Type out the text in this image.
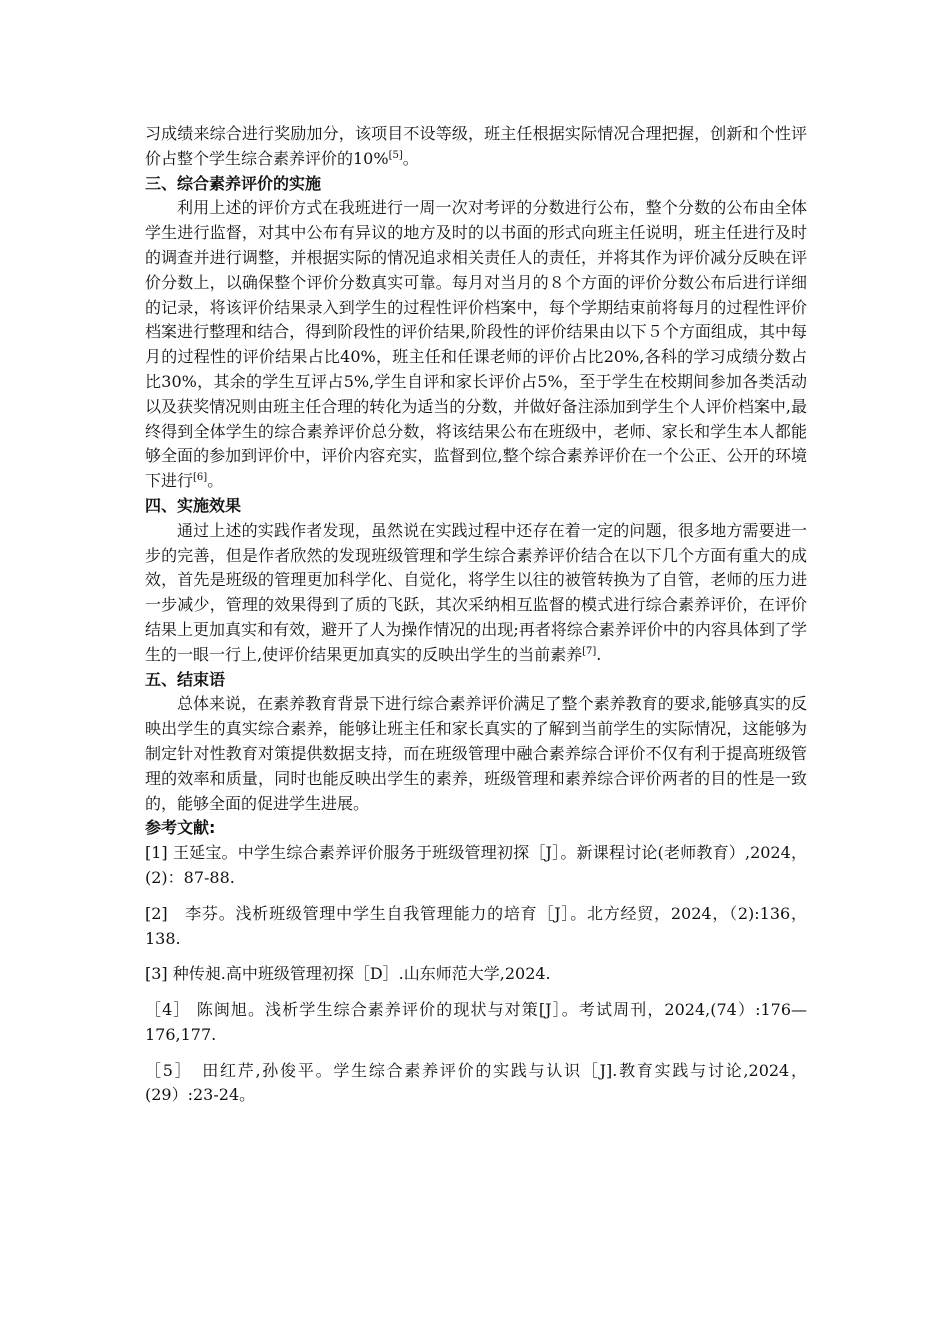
习成绩来综合进行奖励加分，该项目不设等级，班主任根据实际情况合理把握，创新和个性评价占整个学生综合素养评价的10%[5]。

三、综合素养评价的实施

利用上述的评价方式在我班进行一周一次对考评的分数进行公布，整个分数的公布由全体学生进行监督，对其中公布有异议的地方及时的以书面的形式向班主任说明，班主任进行及时的调查并进行调整，并根据实际的情况追求相关责任人的责任，并将其作为评价减分反映在评价分数上，以确保整个评价分数真实可靠。每月对当月的８个方面的评价分数公布后进行详细的记录，将该评价结果录入到学生的过程性评价档案中，每个学期结束前将每月的过程性评价档案进行整理和结合，得到阶段性的评价结果,阶段性的评价结果由以下５个方面组成，其中每月的过程性的评价结果占比40%，班主任和任课老师的评价占比20%,各科的学习成绩分数占比30%，其余的学生互评占5%,学生自评和家长评价占5%，至于学生在校期间参加各类活动以及获奖情况则由班主任合理的转化为适当的分数，并做好备注添加到学生个人评价档案中,最终得到全体学生的综合素养评价总分数，将该结果公布在班级中，老师、家长和学生本人都能够全面的参加到评价中，评价内容充实，监督到位,整个综合素养评价在一个公正、公开的环境下进行[6]。

四、实施效果

通过上述的实践作者发现，虽然说在实践过程中还存在着一定的问题，很多地方需要进一步的完善，但是作者欣然的发现班级管理和学生综合素养评价结合在以下几个方面有重大的成效，首先是班级的管理更加科学化、自觉化，将学生以往的被管转换为了自管，老师的压力进一步减少，管理的效果得到了质的飞跃，其次采纳相互监督的模式进行综合素养评价，在评价结果上更加真实和有效，避开了人为操作情况的出现;再者将综合素养评价中的内容具体到了学生的一眼一行上,使评价结果更加真实的反映出学生的当前素养[7].

五、结束语

总体来说，在素养教育背景下进行综合素养评价满足了整个素养教育的要求,能够真实的反映出学生的真实综合素养，能够让班主任和家长真实的了解到当前学生的实际情况，这能够为制定针对性教育对策提供数据支持，而在班级管理中融合素养综合评价不仅有利于提高班级管理的效率和质量，同时也能反映出学生的素养，班级管理和素养综合评价两者的目的性是一致的，能够全面的促进学生进展。

参考文献:

[1] 王延宝。中学生综合素养评价服务于班级管理初探［J］。新课程讨论(老师教育）,2024，(2)：87-88.

[2]　李芬。浅析班级管理中学生自我管理能力的培育［J］。北方经贸，2024，（2):136，138.

[3] 种传昶.高中班级管理初探［D］.山东师范大学,2024.

［4］ 陈闽旭。浅析学生综合素养评价的现状与对策[J］。考试周刊，2024,(74）:176—176,177.

［5］　田红芹,孙俊平。学生综合素养评价的实践与认识［J].教育实践与讨论,2024，(29）:23-24。
